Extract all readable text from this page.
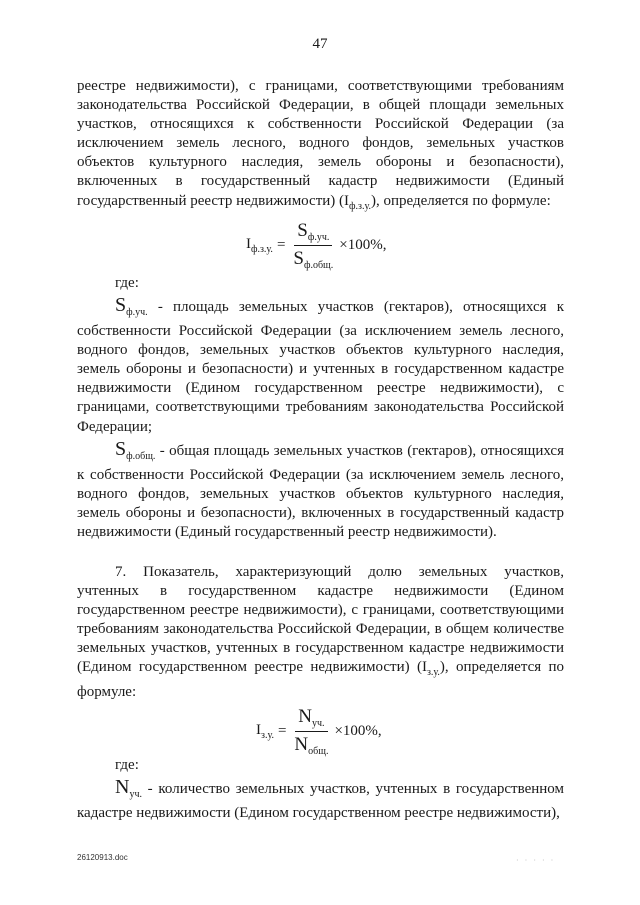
47
реестре недвижимости), с границами, соответствующими требованиям законодательства Российской Федерации, в общей площади земельных участков, относящихся к собственности Российской Федерации (за исключением земель лесного, водного фондов, земельных участков объектов культурного наследия, земель обороны и безопасности), включенных в государственный кадастр недвижимости (Единый государственный реестр недвижимости) $(I_{ф.з.у.})$, определяется по формуле:
$I_{ф.з.у.} = \frac{S_{ф.уч.}}{S_{ф.общ.}} \times 100\%$,
где:
$S_{ф.уч.}$ - площадь земельных участков (гектаров), относящихся к собственности Российской Федерации (за исключением земель лесного, водного фондов, земельных участков объектов культурного наследия, земель обороны и безопасности) и учтенных в государственном кадастре недвижимости (Едином государственном реестре недвижимости), с границами, соответствующими требованиям законодательства Российской Федерации;
$S_{ф.общ.}$ - общая площадь земельных участков (гектаров), относящихся к собственности Российской Федерации (за исключением земель лесного, водного фондов, земельных участков объектов культурного наследия, земель обороны и безопасности), включенных в государственный кадастр недвижимости (Единый государственный реестр недвижимости).
7. Показатель, характеризующий долю земельных участков, учтенных в государственном кадастре недвижимости (Едином государственном реестре недвижимости), с границами, соответствующими требованиям законодательства Российской Федерации, в общем количестве земельных участков, учтенных в государственном кадастре недвижимости (Едином государственном реестре недвижимости) $(I_{з.у.})$, определяется по формуле:
$I_{з.у.} = \frac{N_{уч.}}{N_{общ.}} \times 100\%$,
где:
$N_{уч.}$ - количество земельных участков, учтенных в государственном кадастре недвижимости (Едином государственном реестре недвижимости),
26120913.doc	· · · · ·
